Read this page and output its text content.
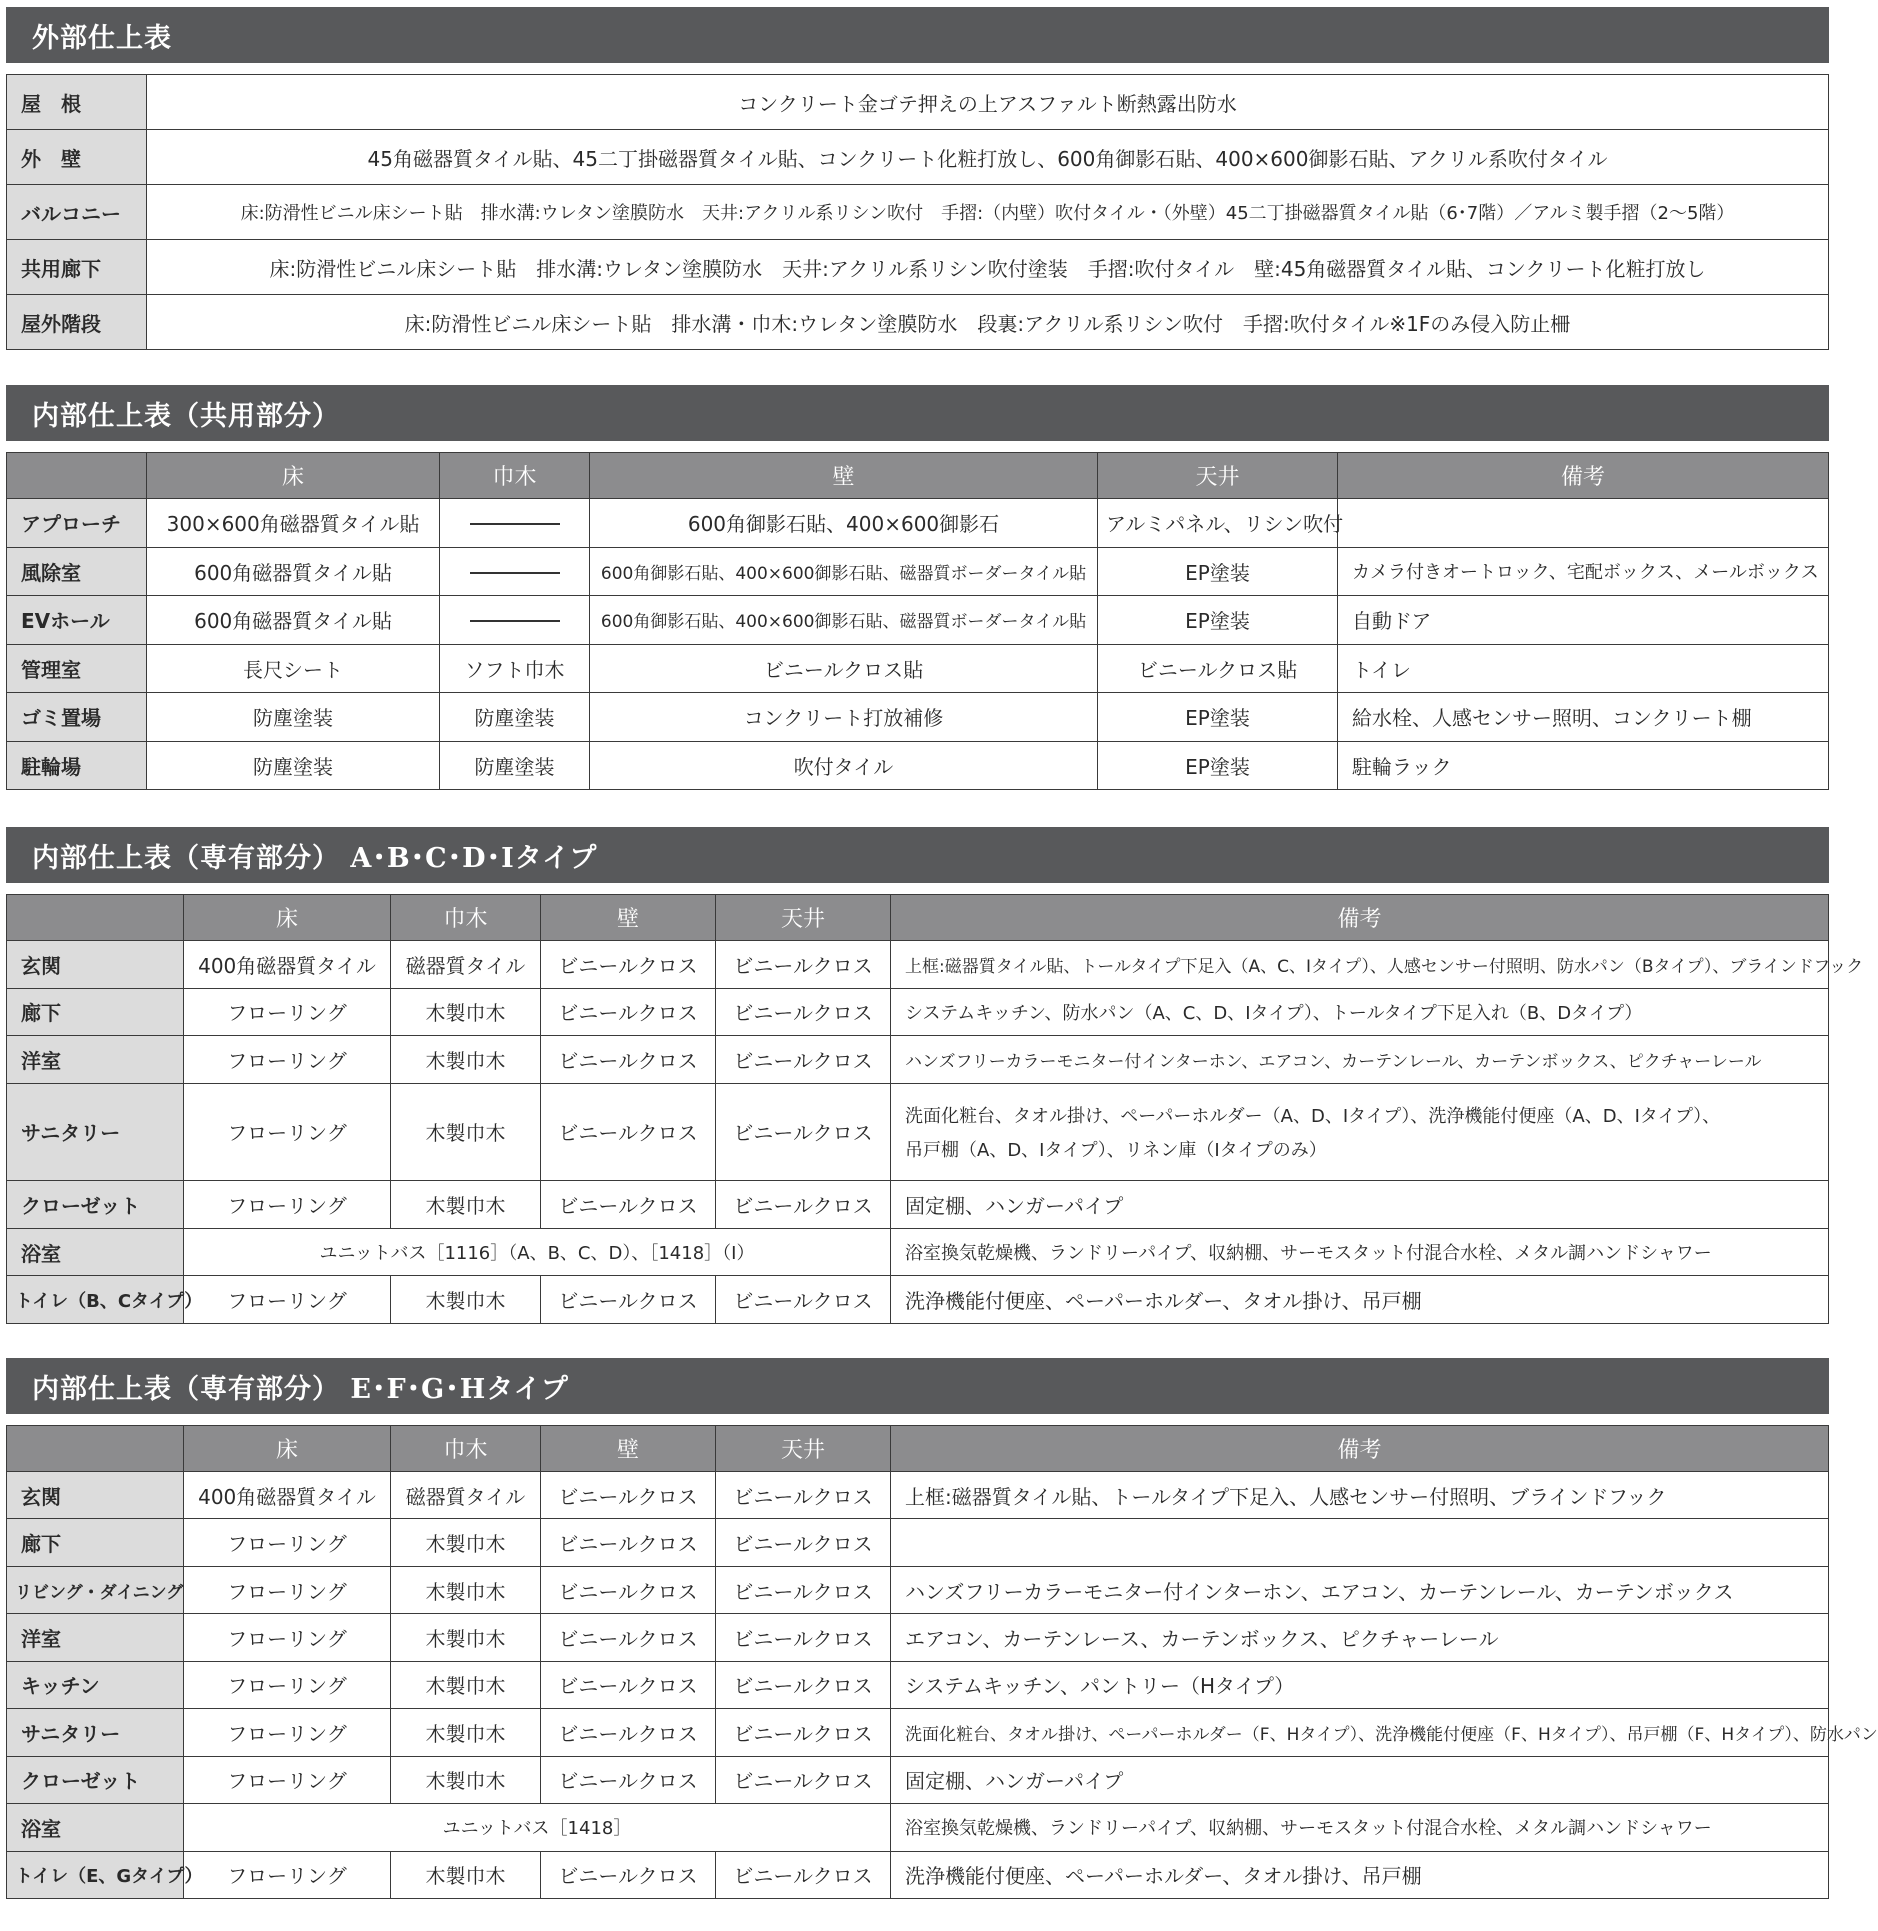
外部仕上表
屋　根	コンクリート金ゴテ押えの上アスファルト断熱露出防水
外　壁	45角磁器質タイル貼、45二丁掛磁器質タイル貼、コンクリート化粧打放し、600角御影石貼、400×600御影石貼、アクリル系吹付タイル
バルコニー	床:防滑性ビニル床シート貼　排水溝:ウレタン塗膜防水　天井:アクリル系リシン吹付　手摺:（内壁）吹付タイル・（外壁）45二丁掛磁器質タイル貼（6･7階）／アルミ製手摺（2～5階）
共用廊下	床:防滑性ビニル床シート貼　排水溝:ウレタン塗膜防水　天井:アクリル系リシン吹付塗装　手摺:吹付タイル　壁:45角磁器質タイル貼、コンクリート化粧打放し
屋外階段	床:防滑性ビニル床シート貼　排水溝・巾木:ウレタン塗膜防水　段裏:アクリル系リシン吹付　手摺:吹付タイル※1Fのみ侵入防止柵
内部仕上表（共用部分）
	床	巾木	壁	天井	備考
アプローチ	300×600角磁器質タイル貼		600角御影石貼、400×600御影石	アルミパネル、リシン吹付	
風除室	600角磁器質タイル貼		600角御影石貼、400×600御影石貼、磁器質ボーダータイル貼	EP塗装	カメラ付きオートロック、宅配ボックス、メールボックス
EVホール	600角磁器質タイル貼		600角御影石貼、400×600御影石貼、磁器質ボーダータイル貼	EP塗装	自動ドア
管理室	長尺シート	ソフト巾木	ビニールクロス貼	ビニールクロス貼	トイレ
ゴミ置場	防塵塗装	防塵塗装	コンクリート打放補修	EP塗装	給水栓、人感センサー照明、コンクリート棚
駐輪場	防塵塗装	防塵塗装	吹付タイル	EP塗装	駐輪ラック
内部仕上表（専有部分） A･B･C･D･Iタイプ
	床	巾木	壁	天井	備考
玄関	400角磁器質タイル	磁器質タイル	ビニールクロス	ビニールクロス	上框:磁器質タイル貼、トールタイプ下足入（A、C、Iタイプ）、人感センサー付照明、防水パン（Bタイプ）、ブラインドフック
廊下	フローリング	木製巾木	ビニールクロス	ビニールクロス	システムキッチン、防水パン（A、C、D、Iタイプ）、トールタイプ下足入れ（B、Dタイプ）
洋室	フローリング	木製巾木	ビニールクロス	ビニールクロス	ハンズフリーカラーモニター付インターホン、エアコン、カーテンレール、カーテンボックス、ピクチャーレール
サニタリー	フローリング	木製巾木	ビニールクロス	ビニールクロス	洗面化粧台、タオル掛け、ペーパーホルダー（A、D、Iタイプ）、洗浄機能付便座（A、D、Iタイプ）、
吊戸棚（A、D、Iタイプ）、リネン庫（Iタイプのみ）

クローゼット	フローリング	木製巾木	ビニールクロス	ビニールクロス	固定棚、ハンガーパイプ
浴室	ユニットバス［1116］（A、B、C、D）、［1418］（I）				浴室換気乾燥機、ランドリーパイプ、収納棚、サーモスタット付混合水栓、メタル調ハンドシャワー
トイレ（B、Cタイプ）	フローリング	木製巾木	ビニールクロス	ビニールクロス	洗浄機能付便座、ペーパーホルダー、タオル掛け、吊戸棚
内部仕上表（専有部分） E･F･G･Hタイプ
	床	巾木	壁	天井	備考
玄関	400角磁器質タイル	磁器質タイル	ビニールクロス	ビニールクロス	上框:磁器質タイル貼、トールタイプ下足入、人感センサー付照明、ブラインドフック
廊下	フローリング	木製巾木	ビニールクロス	ビニールクロス	
リビング・ダイニング	フローリング	木製巾木	ビニールクロス	ビニールクロス	ハンズフリーカラーモニター付インターホン、エアコン、カーテンレール、カーテンボックス
洋室	フローリング	木製巾木	ビニールクロス	ビニールクロス	エアコン、カーテンレース、カーテンボックス、ピクチャーレール
キッチン	フローリング	木製巾木	ビニールクロス	ビニールクロス	システムキッチン、パントリー（Hタイプ）
サニタリー	フローリング	木製巾木	ビニールクロス	ビニールクロス	洗面化粧台、タオル掛け、ペーパーホルダー（F、Hタイプ）、洗浄機能付便座（F、Hタイプ）、吊戸棚（F、Hタイプ）、防水パン
クローゼット	フローリング	木製巾木	ビニールクロス	ビニールクロス	固定棚、ハンガーパイプ
浴室	ユニットバス［1418］				浴室換気乾燥機、ランドリーパイプ、収納棚、サーモスタット付混合水栓、メタル調ハンドシャワー
トイレ（E、Gタイプ）	フローリング	木製巾木	ビニールクロス	ビニールクロス	洗浄機能付便座、ペーパーホルダー、タオル掛け、吊戸棚
